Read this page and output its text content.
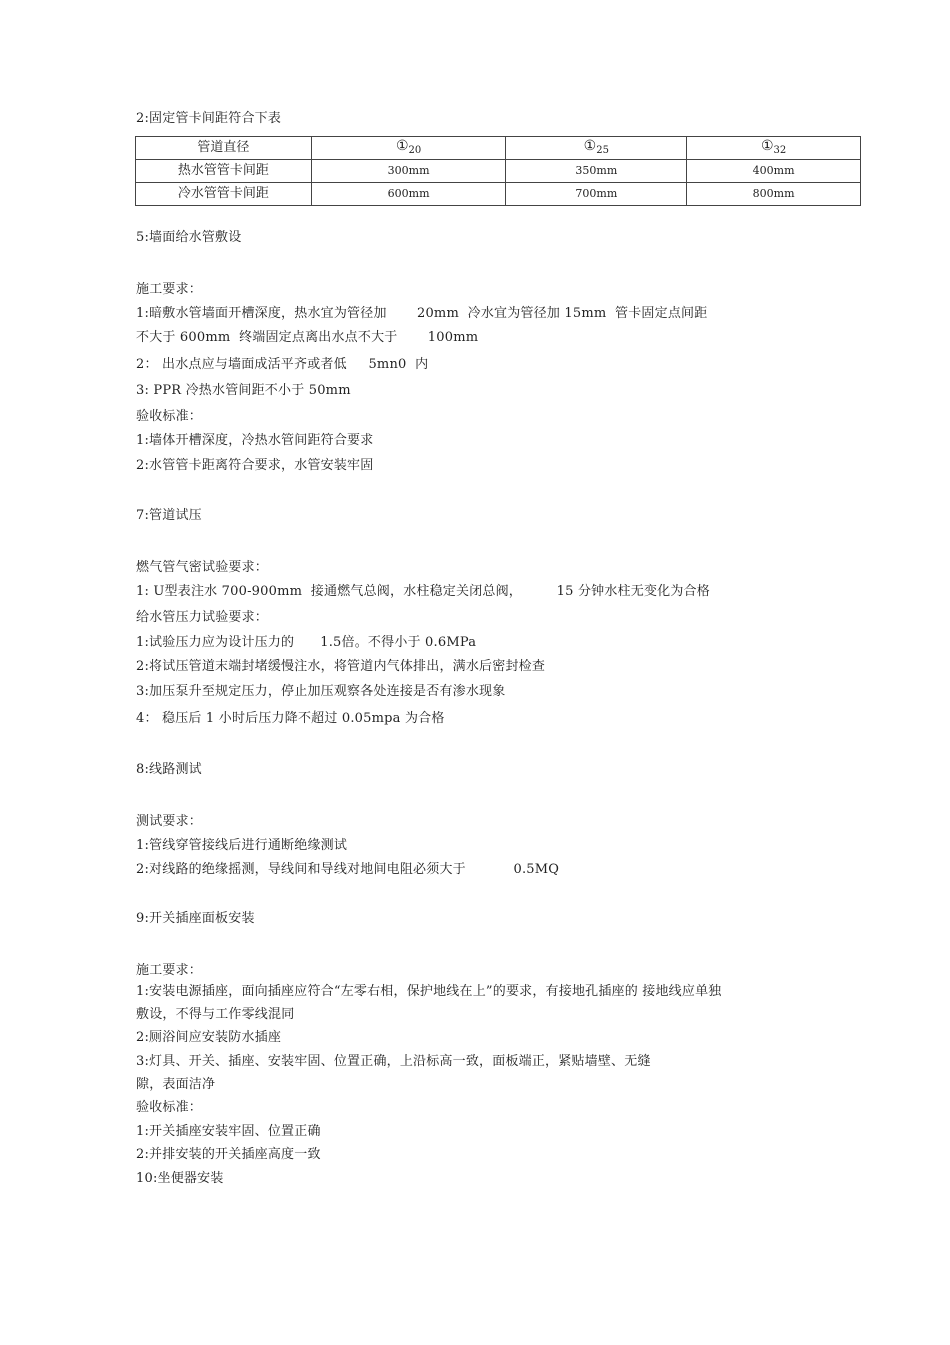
2:固定管卡间距符合下表
管道直径	$①_{20}$	$①_{25}$	$①_{32}$
热水管管卡间距	300mm	350mm	400mm
冷水管管卡间距	600mm	700mm	800mm
5:墙面给水管敷设
施工要求：
1:暗敷水管墙面开槽深度，热水宜为管径加       20mm  冷水宜为管径加 15mm  管卡固定点间距
不大于 600mm  终端固定点离出水点不大于       100mm
2： 出水点应与墙面成活平齐或者低     5mn0  内
3: PPR 冷热水管间距不小于 50mm
验收标准：
1:墙体开槽深度，冷热水管间距符合要求
2:水管管卡距离符合要求，水管安装牢固
7:管道试压
燃气管气密试验要求：
1: U型表注水 700-900mm  接通燃气总阀，水柱稳定关闭总阀，        15 分钟水柱无变化为合格
给水管压力试验要求：
1:试验压力应为设计压力的      1.5倍。不得小于 0.6MPa
2:将试压管道末端封堵缓慢注水，将管道内气体排出，满水后密封检查
3:加压泵升至规定压力，停止加压观察各处连接是否有渗水现象
4： 稳压后 1 小时后压力降不超过 0.05mpa 为合格
8:线路测试
测试要求：
1:管线穿管接线后进行通断绝缘测试
2:对线路的绝缘摇测，导线间和导线对地间电阻必须大于           0.5MQ
9:开关插座面板安装
施工要求：
1:安装电源插座，面向插座应符合“左零右相，保护地线在上”的要求，有接地孔插座的 接地线应单独
敷设，不得与工作零线混同
2:厕浴间应安装防水插座
3:灯具、开关、插座、安装牢固、位置正确，上沿标高一致，面板端正，紧贴墙壁、无缝
隙，表面洁净
验收标准：
1:开关插座安装牢固、位置正确
2:并排安装的开关插座高度一致
10:坐便器安装
